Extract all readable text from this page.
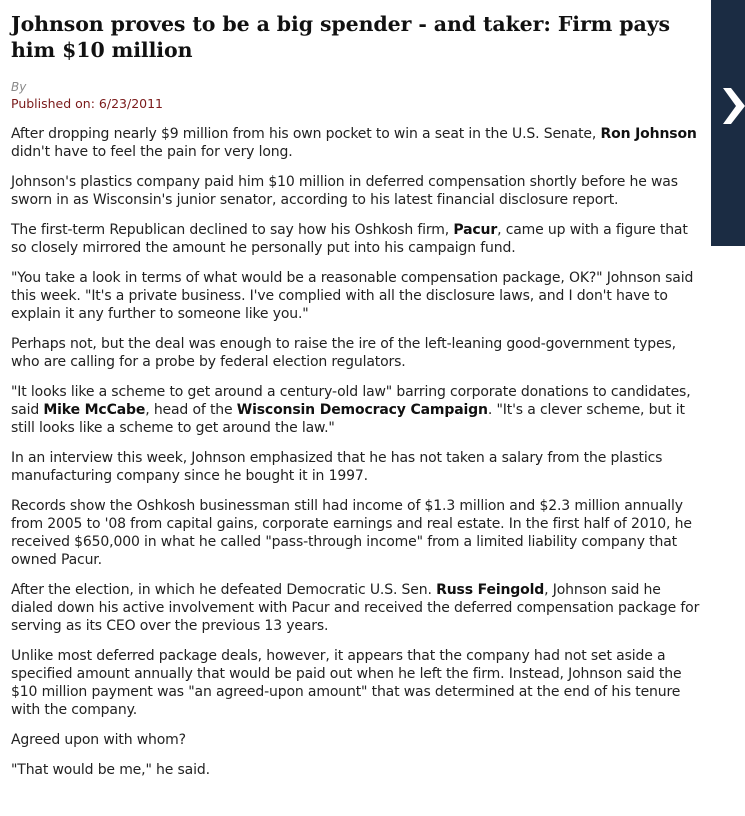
Johnson proves to be a big spender - and taker: Firm pays him $10 million
By
Published on: 6/23/2011

After dropping nearly $9 million from his own pocket to win a seat in the U.S. Senate, Ron Johnson didn't have to feel the pain for very long.

Johnson's plastics company paid him $10 million in deferred compensation shortly before he was sworn in as Wisconsin's junior senator, according to his latest financial disclosure report.

The first-term Republican declined to say how his Oshkosh firm, Pacur, came up with a figure that so closely mirrored the amount he personally put into his campaign fund.

"You take a look in terms of what would be a reasonable compensation package, OK?" Johnson said this week. "It's a private business. I've complied with all the disclosure laws, and I don't have to explain it any further to someone like you."

Perhaps not, but the deal was enough to raise the ire of the left-leaning good-government types, who are calling for a probe by federal election regulators.

"It looks like a scheme to get around a century-old law" barring corporate donations to candidates, said Mike McCabe, head of the Wisconsin Democracy Campaign. "It's a clever scheme, but it still looks like a scheme to get around the law."

In an interview this week, Johnson emphasized that he has not taken a salary from the plastics manufacturing company since he bought it in 1997.

Records show the Oshkosh businessman still had income of $1.3 million and $2.3 million annually from 2005 to '08 from capital gains, corporate earnings and real estate. In the first half of 2010, he received $650,000 in what he called "pass-through income" from a limited liability company that owned Pacur.

After the election, in which he defeated Democratic U.S. Sen. Russ Feingold, Johnson said he dialed down his active involvement with Pacur and received the deferred compensation package for serving as its CEO over the previous 13 years.

Unlike most deferred package deals, however, it appears that the company had not set aside a specified amount annually that would be paid out when he left the firm. Instead, Johnson said the $10 million payment was "an agreed-upon amount" that was determined at the end of his tenure with the company.

Agreed upon with whom?

"That would be me," he said.
